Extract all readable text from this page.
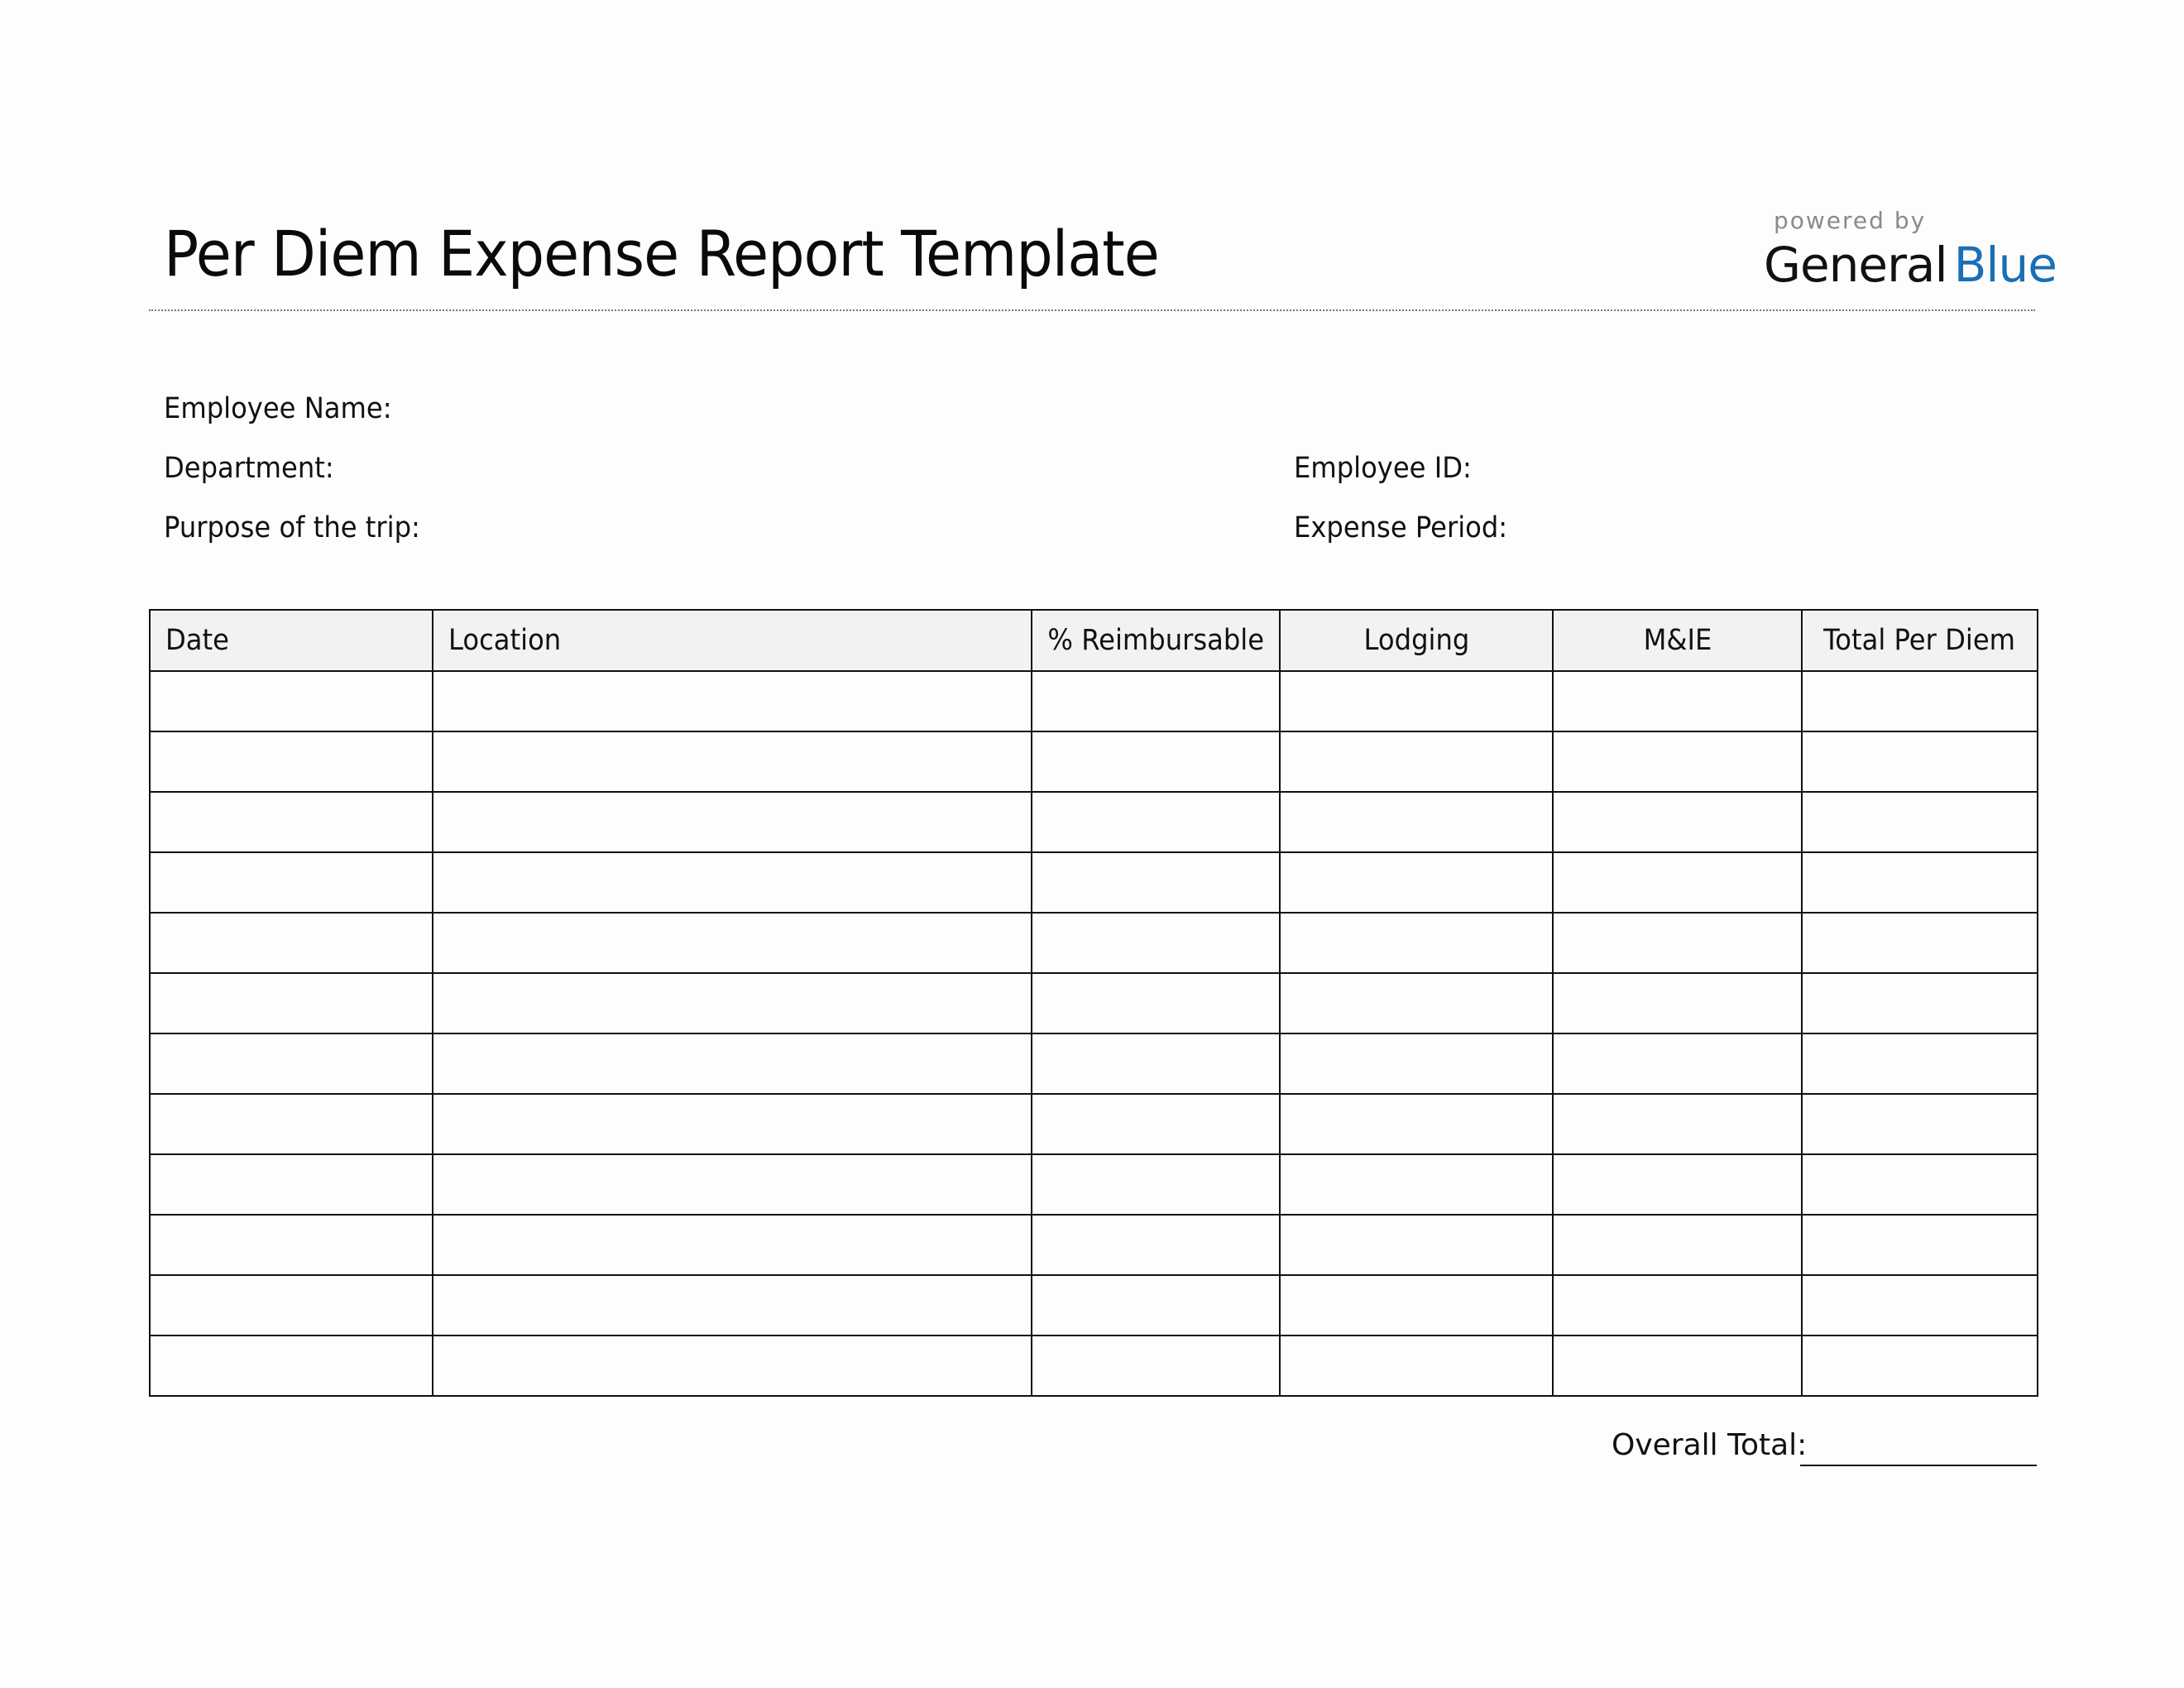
Per Diem Expense Report Template	powered by
General Blue
Employee Name:
Department:
Purpose of the trip:
Employee ID:
Expense Period:
Date	Location	% Reimbursable	Lodging	M&IE	Total Per Diem

Overall Total:
